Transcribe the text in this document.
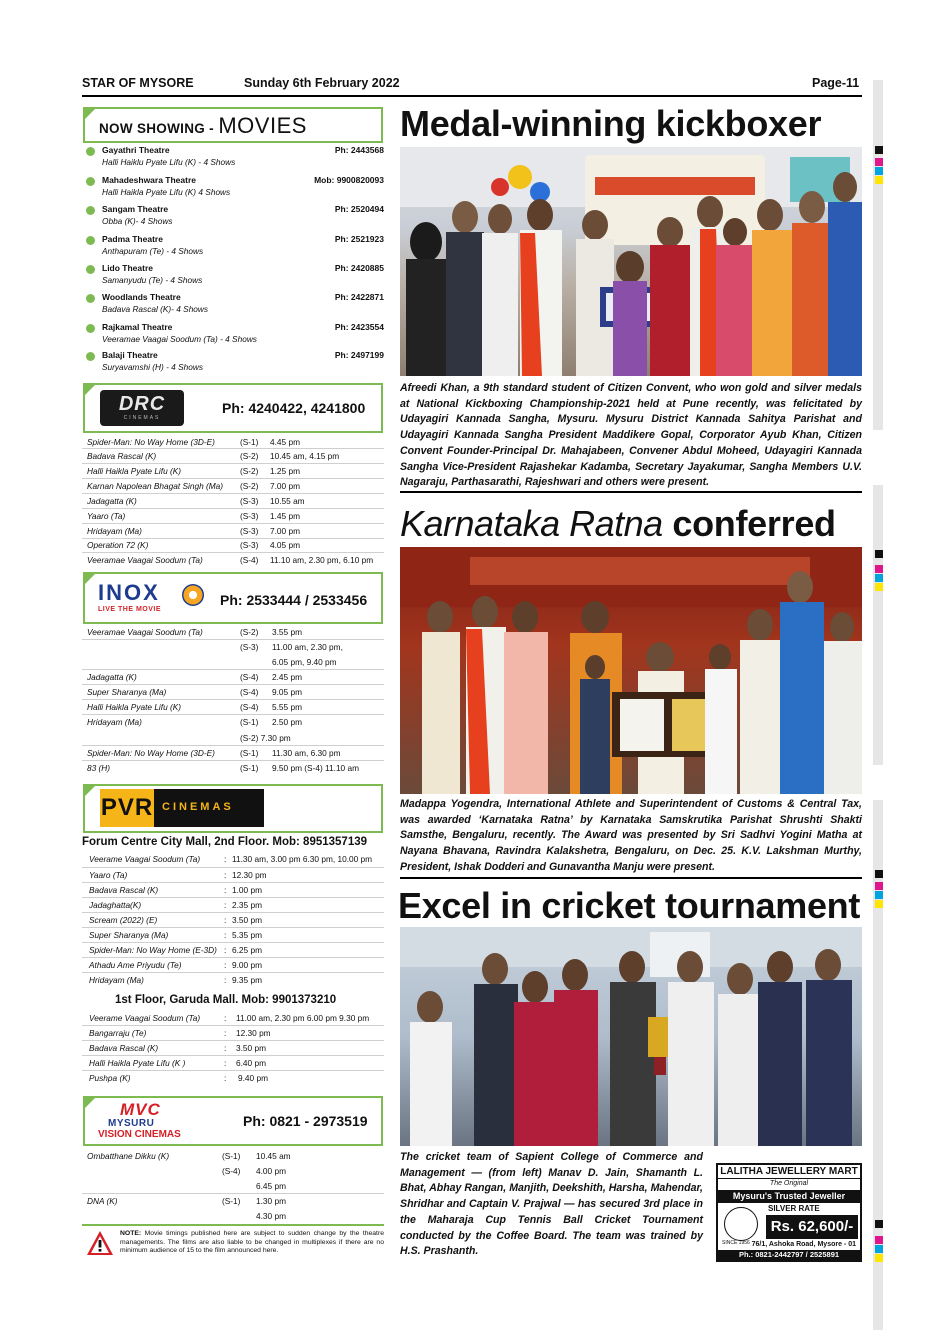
STAR OF MYSORE	Sunday 6th February 2022	Page-11
NOW SHOWING - MOVIES
Gayathri Theatre	Ph: 2443568
Halli Haiklu Pyate Lifu (K) - 4 Shows
Mahadeshwara Theatre	Mob: 9900820093
Halli Haikla Pyate Lifu (K) 4 Shows
Sangam Theatre	Ph: 2520494
Obba (K)- 4 Shows
Padma Theatre	Ph: 2521923
Anthapuram (Te) - 4 Shows
Lido Theatre	Ph: 2420885
Samanyudu (Te) - 4 Shows
Woodlands Theatre	Ph: 2422871
Badava Rascal (K)- 4 Shows
Rajkamal Theatre	Ph: 2423554
Veeramae Vaagai Soodum (Ta) - 4 Shows
Balaji Theatre	Ph: 2497199
Suryavamshi (H) - 4 Shows
DRC
CINEMAS
Ph: 4240422, 4241800
Spider-Man: No Way Home (3D-E)	(S-1) 4.45 pm
Badava Rascal (K)	(S-2) 10.45 am, 4.15 pm
Halli Haikla Pyate Lifu (K)	(S-2) 1.25 pm
Karnan Napolean Bhagat Singh (Ma) (S-2) 7.00 pm
Jadagatta (K)	(S-3) 10.55 am
Yaaro (Ta)	(S-3) 1.45 pm
Hridayam (Ma)	(S-3) 7.00 pm
Operation 72 (K)	(S-3) 4.05 pm
Veeramae Vaagai Soodum (Ta)	(S-4) 11.10 am, 2.30 pm, 6.10 pm
INOX
LIVE THE MOVIE
Ph: 2533444 / 2533456
Veeramae Vaagai Soodum (Ta)	(S-2) 3.55 pm
(S-3) 11.00 am, 2.30 pm,
6.05 pm, 9.40 pm
Jadagatta (K)	(S-4) 2.45 pm
Super Sharanya (Ma)	(S-4) 9.05 pm
Halli Haikla Pyate Lifu (K)	(S-4) 5.55 pm
Hridayam (Ma)	(S-1) 2.50 pm
(S-2) 7.30 pm
Spider-Man: No Way Home (3D-E)	(S-1) 11.30 am, 6.30 pm
83 (H)	(S-1) 9.50 pm (S-4) 11.10 am
PVR CINEMAS
Forum Centre City Mall, 2nd Floor. Mob: 8951357139
Veerame Vaagai Soodum (Ta)	: 11.30 am, 3.00 pm 6.30 pm, 10.00 pm
Yaaro (Ta)	: 12.30 pm
Badava Rascal (K)	: 1.00 pm
Jadaghatta(K)	: 2.35 pm
Scream (2022) (E)	: 3.50 pm
Super Sharanya (Ma)	: 5.35 pm
Spider-Man: No Way Home (E-3D) : 6.25 pm
Athadu Ame Priyudu (Te)	: 9.00 pm
Hridayam (Ma)	: 9.35 pm
1st Floor, Garuda Mall. Mob: 9901373210
Veerame Vaagai Soodum (Ta)	: 11.00 am, 2.30 pm 6.00 pm 9.30 pm
Bangarraju (Te)	: 12.30 pm
Badava Rascal (K)	: 3.50 pm
Halli Haikla Pyate Lifu (K )	: 6.40 pm
Pushpa (K)	: 9.40 pm
MVC
MYSURU
VISION CINEMAS
Ph: 0821 - 2973519
Ombatthane Dikku (K)	(S-1) 10.45 am
(S-4) 4.00 pm
6.45 pm
DNA (K)	(S-1) 1.30 pm
4.30 pm
NOTE: Movie timings published here are subject to sudden change by the theatre managements. The films are also liable to be changed in multiplexes if there are no minimum audience of 15 to the film announced here.
Medal-winning kickboxer
Afreedi Khan, a 9th standard student of Citizen Convent, who won gold and silver medals at National Kickboxing Championship-2021 held at Pune recently, was felicitated by Udayagiri Kannada Sangha, Mysuru. Mysuru District Kannada Sahitya Parishat and Udayagiri Kannada Sangha President Maddikere Gopal, Corporator Ayub Khan, Citizen Convent Founder-Principal Dr. Mahajabeen, Convener Abdul Moheed, Udayagiri Kannada Sangha Vice-President Rajashekar Kadamba, Secretary Jayakumar, Sangha Members U.V. Nagaraju, Parthasarathi, Rajeshwari and others were present.
Karnataka Ratna conferred
Madappa Yogendra, International Athlete and Superintendent of Customs & Central Tax, was awarded ‘Karnataka Ratna’ by Karnataka Samskrutika Parishat Shrushti Shakti Samsthe, Bengaluru, recently. The Award was presented by Sri Sadhvi Yogini Matha at Nayana Bhavana, Ravindra Kalakshetra, Bengaluru, on Dec. 25. K.V. Lakshman Murthy, President, Ishak Dodderi and Gunavantha Manju were present.
Excel in cricket tournament
The cricket team of Sapient College of Commerce and Management — (from left) Manav D. Jain, Shamanth L. Bhat, Abhay Rangan, Manjith, Deekshith, Harsha, Mahendar, Shridhar and Captain V. Prajwal — has secured 3rd place in the Maharaja Cup Tennis Ball Cricket Tournament conducted by the Coffee Board. The team was trained by H.S. Prashanth.
LALITHA JEWELLERY MART
The Original
Mysuru's Trusted Jeweller
SILVER RATE
SINCE 1956
Rs. 62,600/-
76/1, Ashoka Road, Mysore - 01
Ph.: 0821-2442797 / 2525891
